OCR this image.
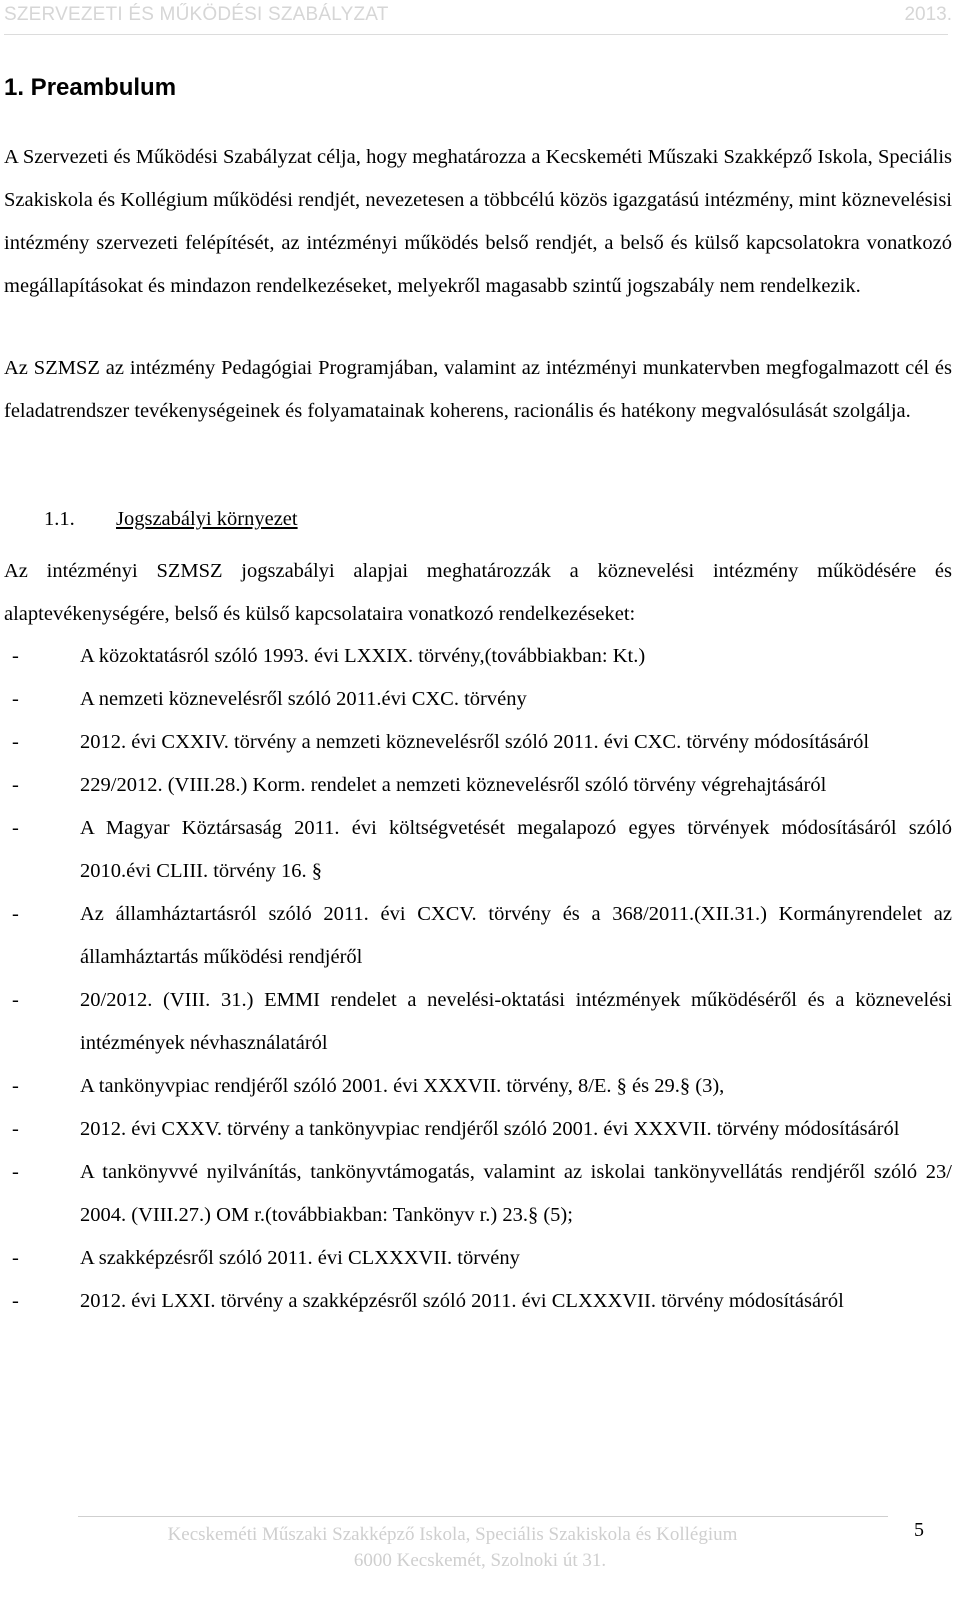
SZERVEZETI ÉS MŰKÖDÉSI SZABÁLYZAT	2013.
1. Preambulum

A Szervezeti és Működési Szabályzat célja, hogy meghatározza a Kecskeméti Műszaki Szakképző Iskola, Speciális Szakiskola és Kollégium működési rendjét, nevezetesen a többcélú közös igazgatású intézmény, mint köznevelésisi intézmény szervezeti felépítését, az intézményi működés belső rendjét, a belső és külső kapcsolatokra vonatkozó megállapításokat és mindazon rendelkezéseket, melyekről magasabb szintű jogszabály nem rendelkezik.

Az SZMSZ az intézmény Pedagógiai Programjában, valamint az intézményi munkatervben megfogalmazott cél és feladatrendszer tevékenységeinek és folyamatainak koherens, racionális és hatékony megvalósulását szolgálja.

1.1. Jogszabályi környezet

Az intézményi SZMSZ jogszabályi alapjai meghatározzák a köznevelési intézmény működésére és alaptevékenységére, belső és külső kapcsolataira vonatkozó rendelkezéseket:

-	A közoktatásról szóló 1993. évi LXXIX. törvény,(továbbiakban: Kt.)
-	A nemzeti köznevelésről szóló 2011.évi CXC. törvény
-	2012. évi CXXIV. törvény a nemzeti köznevelésről szóló 2011. évi CXC. törvény módosításáról
-	229/2012. (VIII.28.) Korm. rendelet a nemzeti köznevelésről szóló törvény végrehajtásáról
-	A Magyar Köztársaság 2011. évi költségvetését megalapozó egyes törvények módosításáról szóló 2010.évi CLIII. törvény 16. §
-	Az államháztartásról szóló 2011. évi CXCV. törvény és a 368/2011.(XII.31.) Kormányrendelet az államháztartás működési rendjéről
-	20/2012. (VIII. 31.) EMMI rendelet a nevelési-oktatási intézmények működéséről és a köznevelési intézmények névhasználatáról
-	A tankönyvpiac rendjéről szóló 2001. évi XXXVII. törvény, 8/E. § és 29.§ (3),
-	2012. évi CXXV. törvény a tankönyvpiac rendjéről szóló 2001. évi XXXVII. törvény módosításáról
-	A tankönyvvé nyilvánítás, tankönyvtámogatás, valamint az iskolai tankönyvellátás rendjéről szóló 23/ 2004. (VIII.27.) OM r.(továbbiakban: Tankönyv r.) 23.§ (5);
-	A szakképzésről szóló 2011. évi CLXXXVII. törvény
-	2012. évi LXXI. törvény a szakképzésről szóló 2011. évi CLXXXVII. törvény módosításáról
Kecskeméti Műszaki Szakképző Iskola, Speciális Szakiskola és Kollégium
6000 Kecskemét, Szolnoki út 31.
5
